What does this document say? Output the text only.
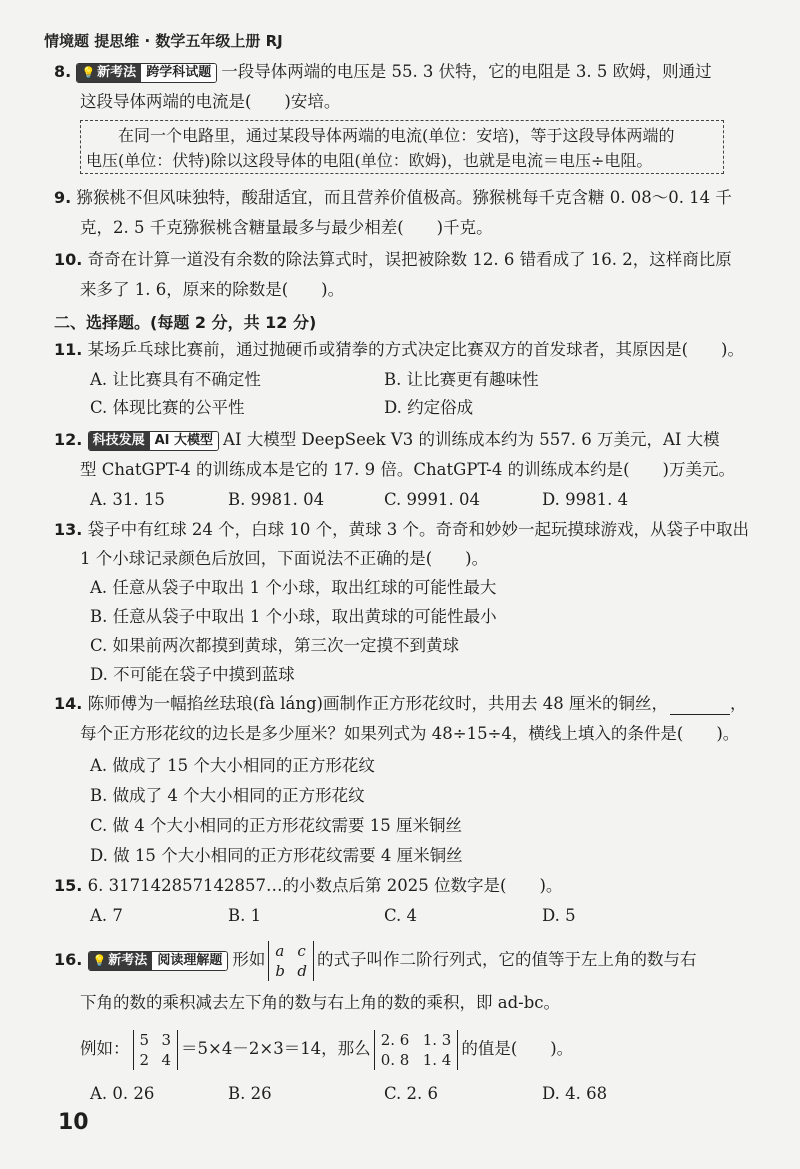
情境题 提思维 · 数学五年级上册 RJ
8. 💡 新考法 跨学科试题 一段导体两端的电压是 55. 3 伏特，它的电阻是 3. 5 欧姆，则通过
这段导体两端的电流是(　　)安培。
在同一个电路里，通过某段导体两端的电流(单位：安培)，等于这段导体两端的
电压(单位：伏特)除以这段导体的电阻(单位：欧姆)，也就是电流＝电压÷电阻。
9. 猕猴桃不但风味独特，酸甜适宜，而且营养价值极高。猕猴桃每千克含糖 0. 08～0. 14 千
克，2. 5 千克猕猴桃含糖量最多与最少相差(　　)千克。
10. 奇奇在计算一道没有余数的除法算式时，误把被除数 12. 6 错看成了 16. 2，这样商比原
来多了 1. 6，原来的除数是(　　)。
二、选择题。(每题 2 分，共 12 分)
11. 某场乒乓球比赛前，通过抛硬币或猜拳的方式决定比赛双方的首发球者，其原因是(　　)。
A. 让比赛具有不确定性	B. 让比赛更有趣味性
C. 体现比赛的公平性	D. 约定俗成
12. 科技发展 AI 大模型 AI 大模型 DeepSeek V3 的训练成本约为 557. 6 万美元，AI 大模
型 ChatGPT-4 的训练成本是它的 17. 9 倍。ChatGPT-4 的训练成本约是(　　)万美元。
A. 31. 15	B. 9981. 04	C. 9991. 04	D. 9981. 4
13. 袋子中有红球 24 个，白球 10 个，黄球 3 个。奇奇和妙妙一起玩摸球游戏，从袋子中取出
1 个小球记录颜色后放回，下面说法不正确的是(　　)。
A. 任意从袋子中取出 1 个小球，取出红球的可能性最大
B. 任意从袋子中取出 1 个小球，取出黄球的可能性最小
C. 如果前两次都摸到黄球，第三次一定摸不到黄球
D. 不可能在袋子中摸到蓝球
14. 陈师傅为一幅掐丝珐琅(fà láng)画制作正方形花纹时，共用去 48 厘米的铜丝，	，
每个正方形花纹的边长是多少厘米？如果列式为 48÷15÷4，横线上填入的条件是(　　)。
A. 做成了 15 个大小相同的正方形花纹
B. 做成了 4 个大小相同的正方形花纹
C. 做 4 个大小相同的正方形花纹需要 15 厘米铜丝
D. 做 15 个大小相同的正方形花纹需要 4 厘米铜丝
15. 6. 317142857142857…的小数点后第 2025 位数字是(　　)。
A. 7	B. 1	C. 4	D. 5
16. 💡 新考法 阅读理解题 形如 a c
b d
的式子叫作二阶行列式，它的值等于左上角的数与右
下角的数的乘积减去左下角的数与右上角的数的乘积，即 ad-bc。
例如： 5 3
2 4
＝5×4－2×3＝14，那么 2. 6 1. 3
0. 8 1. 4
的值是(　　)。
A. 0. 26	B. 26	C. 2. 6	D. 4. 68
10
